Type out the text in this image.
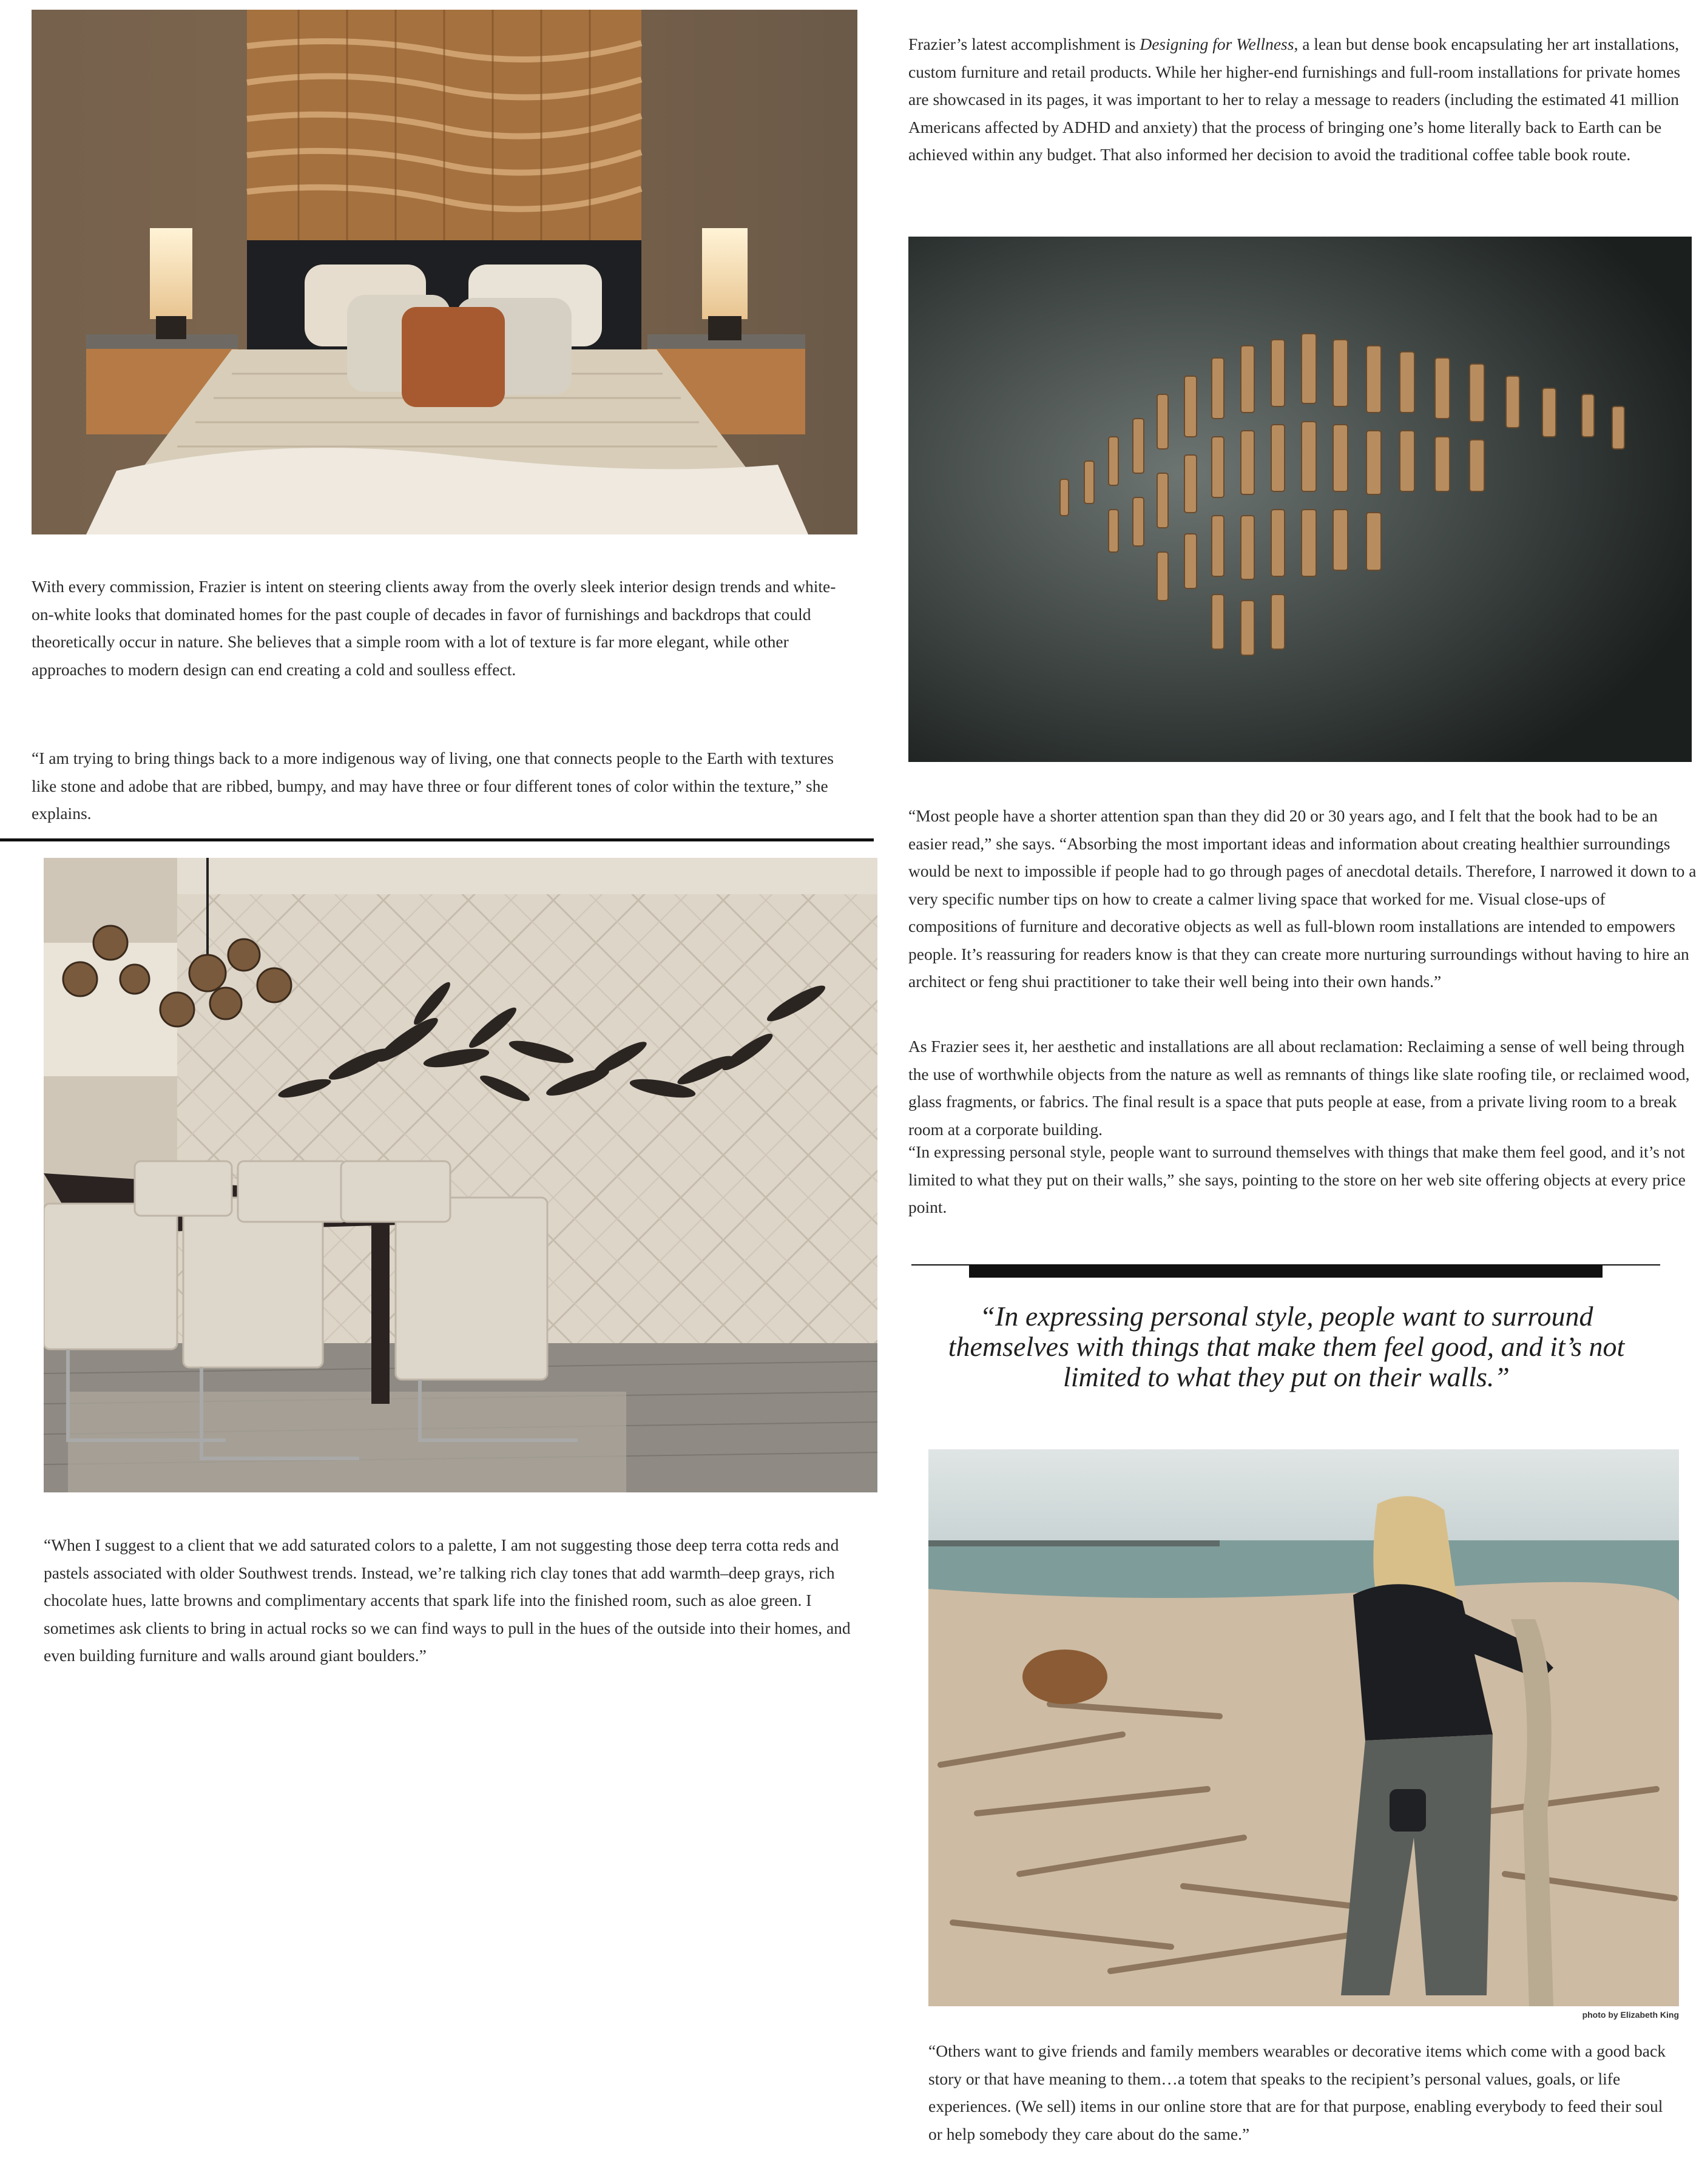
With every commission, Frazier is intent on steering clients away from the overly sleek interior design trends and white-on-white looks that dominated homes for the past couple of decades in favor of furnishings and backdrops that could theoretically occur in nature. She believes that a simple room with a lot of texture is far more elegant, while other approaches to modern design can end creating a cold and soulless effect.

“I am trying to bring things back to a more indigenous way of living, one that connects people to the Earth with textures like stone and adobe that are ribbed, bumpy, and may have three or four different tones of color within the texture,” she explains.

“When I suggest to a client that we add saturated colors to a palette, I am not suggesting those deep terra cotta reds and pastels associated with older Southwest trends. Instead, we’re talking rich clay tones that add warmth–deep grays, rich chocolate hues, latte browns and complimentary accents that spark life into the finished room, such as aloe green. I sometimes ask clients to bring in actual rocks so we can find ways to pull in the hues of the outside into their homes, and even building furniture and walls around giant boulders.”

Frazier’s latest accomplishment is Designing for Wellness, a lean but dense book encapsulating her art installations, custom furniture and retail products. While her higher-end furnishings and full-room installations for private homes are showcased in its pages, it was important to her to relay a message to readers (including the estimated 41 million Americans affected by ADHD and anxiety) that the process of bringing one’s home literally back to Earth can be achieved within any budget. That also informed her decision to avoid the traditional coffee table book route.

“Most people have a shorter attention span than they did 20 or 30 years ago, and I felt that the book had to be an easier read,” she says. “Absorbing the most important ideas and information about creating healthier surroundings would be next to impossible if people had to go through pages of anecdotal details. Therefore, I narrowed it down to a very specific number tips on how to create a calmer living space that worked for me. Visual close-ups of compositions of furniture and decorative objects as well as full-blown room installations are intended to empowers people. It’s reassuring for readers know is that they can create more nurturing surroundings without having to hire an architect or feng shui practitioner to take their well being into their own hands.”

As Frazier sees it, her aesthetic and installations are all about reclamation: Reclaiming a sense of well being through the use of worthwhile objects from the nature as well as remnants of things like slate roofing tile, or reclaimed wood, glass fragments, or fabrics. The final result is a space that puts people at ease, from a private living room to a break room at a corporate building.

“In expressing personal style, people want to surround themselves with things that make them feel good, and it’s not limited to what they put on their walls,” she says, pointing to the store on her web site offering objects at every price point.

“In expressing personal style, people want to surround themselves with things that make them feel good, and it’s not limited to what they put on their walls.”

photo by Elizabeth King

“Others want to give friends and family members wearables or decorative items which come with a good back story or that have meaning to them…a totem that speaks to the recipient’s personal values, goals, or life experiences. (We sell) items in our online store that are for that purpose, enabling everybody to feed their soul or help somebody they care about do the same.”
